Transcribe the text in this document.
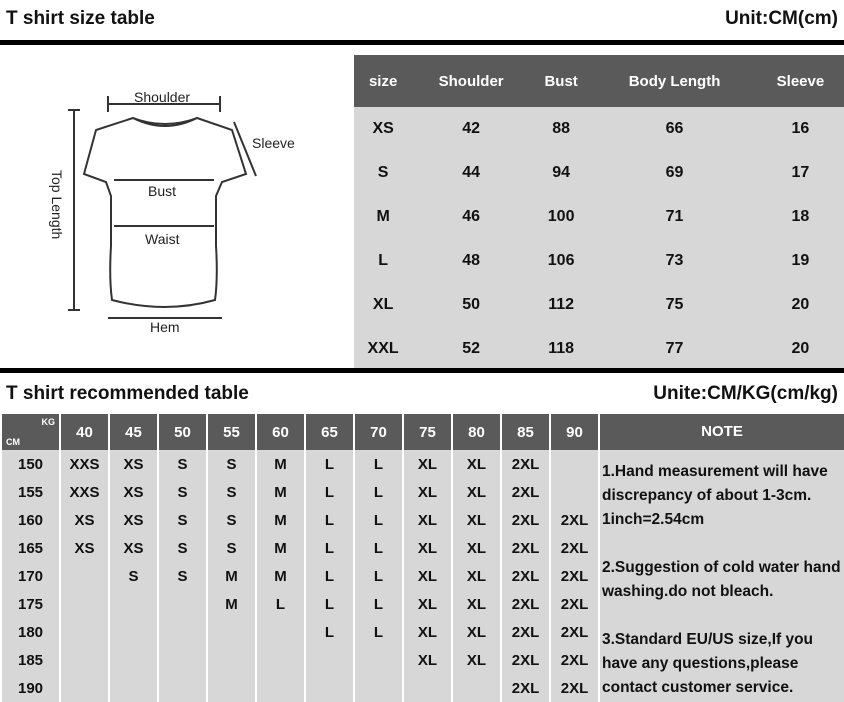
T shirt size table	Unit:CM(cm)
Shoulder
Sleeve
Bust
Waist
Hem
Top Length
size	Shoulder	Bust	Body Length	Sleeve
XS	42	88	66	16
S	44	94	69	17
M	46	100	71	18
L	48	106	73	19
XL	50	112	75	20
XXL	52	118	77	20
T shirt recommended table	Unite:CM/KG(cm/kg)
KG
CM	40	45	50	55	60	65	70	75	80	85	90
150	XXS	XS	S	S	M	L	L	XL	XL	2XL	
155	XXS	XS	S	S	M	L	L	XL	XL	2XL	
160	XS	XS	S	S	M	L	L	XL	XL	2XL	2XL
165	XS	XS	S	S	M	L	L	XL	XL	2XL	2XL
170		S	S	M	M	L	L	XL	XL	2XL	2XL
175				M	L	L	L	XL	XL	2XL	2XL
180						L	L	XL	XL	2XL	2XL
185								XL	XL	2XL	2XL
190										2XL	2XL
NOTE

1.Hand measurement will have discrepancy of about 1-3cm. 1inch=2.54cm

2.Suggestion of cold water hand washing.do not bleach.

3.Standard EU/US size,If you have any questions,please contact customer service.
